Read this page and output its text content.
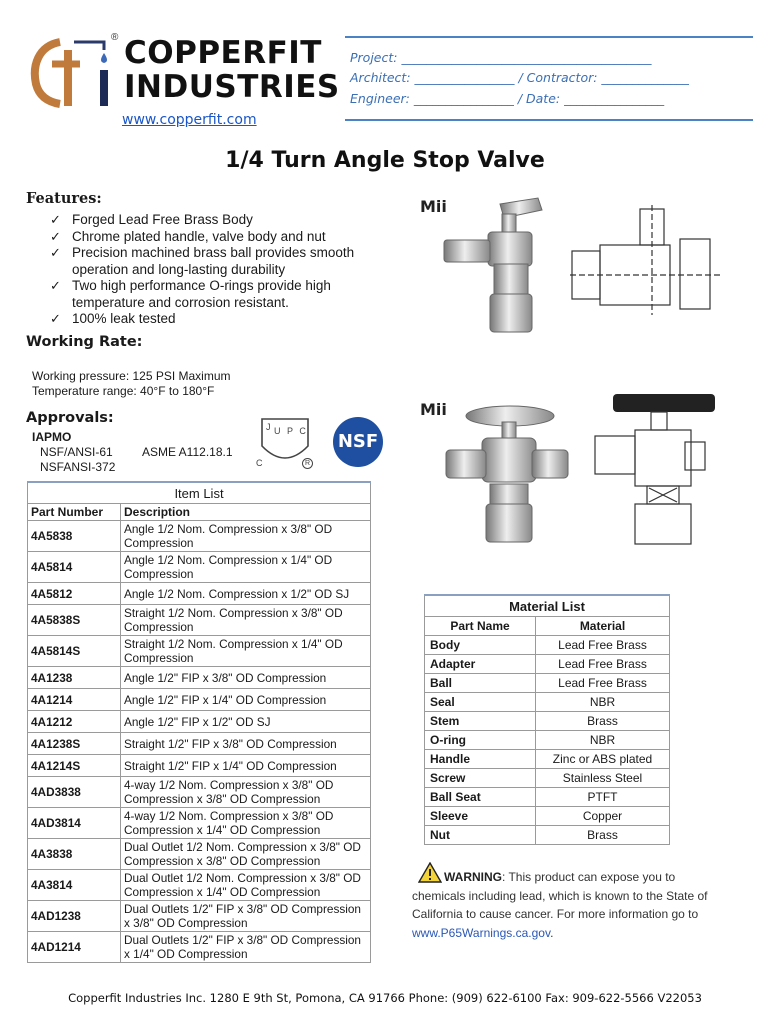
® COPPERFIT
INDUSTRIES
www.copperfit.com
Project: ________________________________________
Architect: ________________ / Contractor: ______________
Engineer: ________________ / Date: ________________
1/4 Turn Angle Stop Valve
Features:
✓ Forged Lead Free Brass Body
✓ Chrome plated handle, valve body and nut
✓ Precision machined brass ball provides smooth operation and long-lasting durability
✓ Two high performance O-rings provide high temperature and corrosion resistant.
✓ 100% leak tested
Working Rate:
Working pressure: 125 PSI Maximum
Temperature range: 40°F to 180°F
Approvals:
IAPMO
NSF/ANSI-61 ASME A112.18.1
NSFANSI-372
J U P C
C	R
NSF
Mii
Mii
Item List	
Part Number	Description
4A5838	Angle 1/2 Nom. Compression x 3/8" OD Compression
4A5814	Angle 1/2 Nom. Compression x 1/4" OD Compression
4A5812	Angle 1/2 Nom. Compression x 1/2" OD SJ
4A5838S	Straight 1/2 Nom. Compression x 3/8" OD Compression
4A5814S	Straight 1/2 Nom. Compression x 1/4" OD Compression
4A1238	Angle 1/2" FIP x 3/8" OD Compression
4A1214	Angle 1/2" FIP x 1/4" OD Compression
4A1212	Angle 1/2" FIP x 1/2" OD SJ
4A1238S	Straight 1/2" FIP x 3/8" OD Compression
4A1214S	Straight 1/2" FIP x 1/4" OD Compression
4AD3838	4-way 1/2 Nom. Compression x 3/8" OD Compression x 3/8" OD Compression
4AD3814	4-way 1/2 Nom. Compression x 3/8" OD Compression x 1/4" OD Compression
4A3838	Dual Outlet 1/2 Nom. Compression x 3/8" OD Compression x 3/8" OD Compression
4A3814	Dual Outlet 1/2 Nom. Compression x 3/8" OD Compression x 1/4" OD Compression
4AD1238	Dual Outlets 1/2" FIP x 3/8" OD Compression x 3/8" OD Compression
4AD1214	Dual Outlets 1/2" FIP x 3/8" OD Compression x 1/4" OD Compression
Material List	
Part Name	Material
Body	Lead Free Brass
Adapter	Lead Free Brass
Ball	Lead Free Brass
Seal	NBR
Stem	Brass
O-ring	NBR
Handle	Zinc or ABS plated
Screw	Stainless Steel
Ball Seat	PTFT
Sleeve	Copper
Nut	Brass
WARNING: This product can expose you to chemicals including lead, which is known to the State of California to cause cancer. For more information go to www.P65Warnings.ca.gov.
Copperfit Industries Inc. 1280 E 9th St, Pomona, CA 91766 Phone: (909) 622-6100 Fax: 909-622-5566 V22053
